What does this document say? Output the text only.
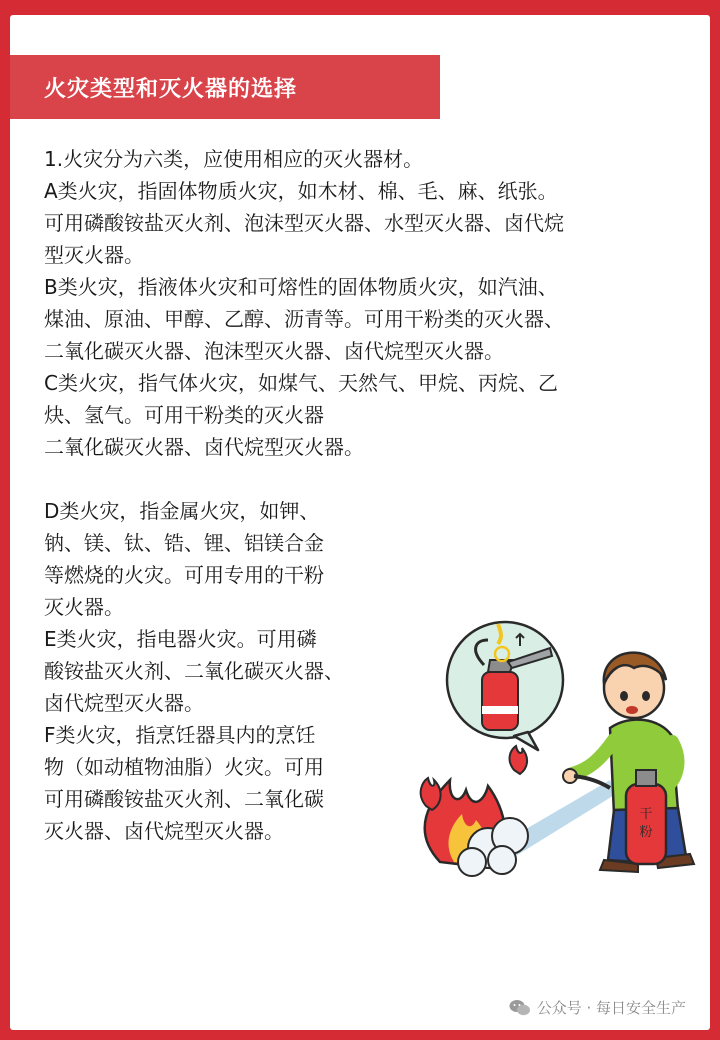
火灾类型和灭火器的选择

1.火灾分为六类，应使用相应的灭火器材。

A类火灾，指固体物质火灾，如木材、棉、毛、麻、纸张。

可用磷酸铵盐灭火剂、泡沫型灭火器、水型灭火器、卤代烷

型灭火器。

B类火灾，指液体火灾和可熔性的固体物质火灾，如汽油、

煤油、原油、甲醇、乙醇、沥青等。可用干粉类的灭火器、

二氧化碳灭火器、泡沫型灭火器、卤代烷型灭火器。

C类火灾，指气体火灾，如煤气、天然气、甲烷、丙烷、乙

炔、氢气。可用干粉类的灭火器

二氧化碳灭火器、卤代烷型灭火器。

D类火灾，指金属火灾，如钾、

钠、镁、钛、锆、锂、铝镁合金

等燃烧的火灾。可用专用的干粉

灭火器。

E类火灾，指电器火灾。可用磷

酸铵盐灭火剂、二氧化碳灭火器、

卤代烷型灭火器。

F类火灾，指烹饪器具内的烹饪

物（如动植物油脂）火灾。可用

可用磷酸铵盐灭火剂、二氧化碳

灭火器、卤代烷型灭火器。

干
粉
公众号 · 每日安全生产
